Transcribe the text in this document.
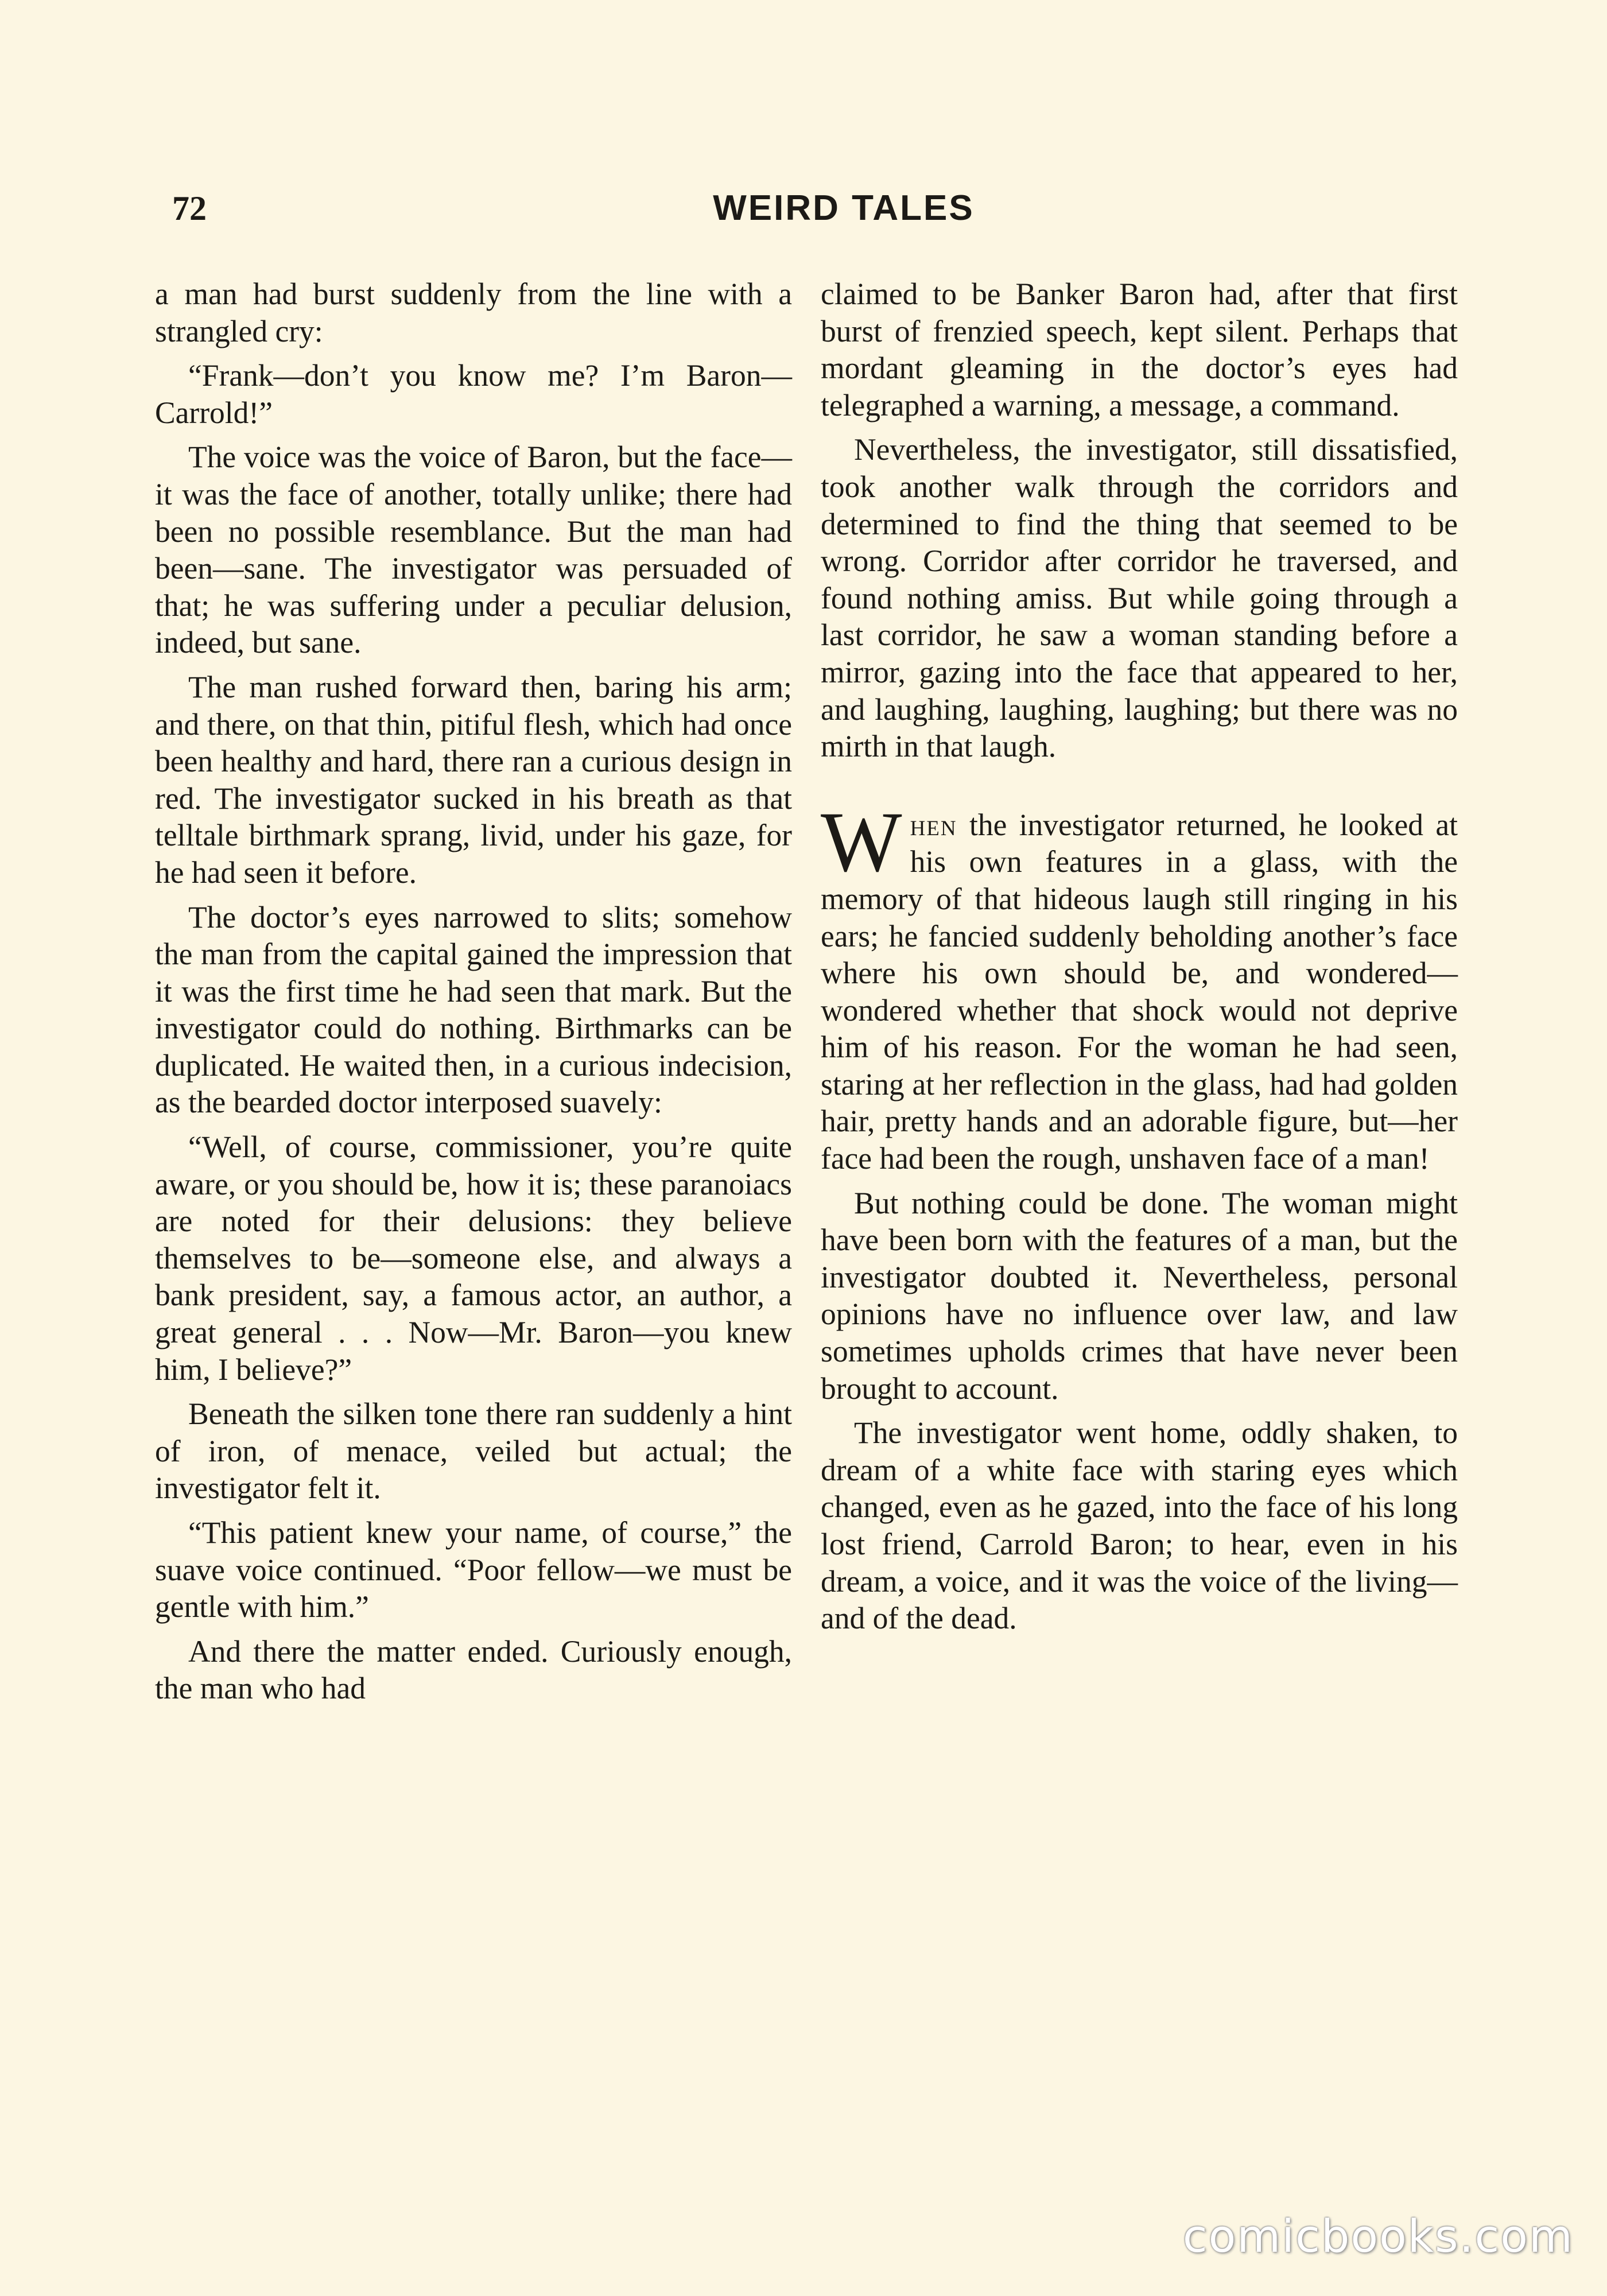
72	WEIRD TALES

a man had burst suddenly from the line with a strangled cry:

“Frank—don’t you know me? I’m Baron—Carrold!”

The voice was the voice of Baron, but the face—it was the face of another, totally unlike; there had been no possible resemblance. But the man had been—sane. The investigator was persuaded of that; he was suffering under a peculiar delusion, indeed, but sane.

The man rushed forward then, baring his arm; and there, on that thin, pitiful flesh, which had once been healthy and hard, there ran a curious design in red. The investigator sucked in his breath as that telltale birthmark sprang, livid, under his gaze, for he had seen it before.

The doctor’s eyes narrowed to slits; somehow the man from the capital gained the impression that it was the first time he had seen that mark. But the investigator could do nothing. Birthmarks can be duplicated. He waited then, in a curious indecision, as the bearded doctor interposed suavely:

“Well, of course, commissioner, you’re quite aware, or you should be, how it is; these paranoiacs are noted for their delusions: they believe themselves to be—someone else, and always a bank president, say, a famous actor, an author, a great general . . . Now—Mr. Baron—you knew him, I believe?”

Beneath the silken tone there ran suddenly a hint of iron, of menace, veiled but actual; the investigator felt it.

“This patient knew your name, of course,” the suave voice continued. “Poor fellow—we must be gentle with him.”

And there the matter ended. Curiously enough, the man who had

claimed to be Banker Baron had, after that first burst of frenzied speech, kept silent. Perhaps that mordant gleaming in the doctor’s eyes had telegraphed a warning, a message, a command.

Nevertheless, the investigator, still dissatisfied, took another walk through the corridors and determined to find the thing that seemed to be wrong. Corridor after corridor he traversed, and found nothing amiss. But while going through a last corridor, he saw a woman standing before a mirror, gazing into the face that appeared to her, and laughing, laughing, laughing; but there was no mirth in that laugh.

When the investigator returned, he looked at his own features in a glass, with the memory of that hideous laugh still ringing in his ears; he fancied suddenly beholding another’s face where his own should be, and wondered—wondered whether that shock would not deprive him of his reason. For the woman he had seen, staring at her reflection in the glass, had had golden hair, pretty hands and an adorable figure, but—her face had been the rough, unshaven face of a man!

But nothing could be done. The woman might have been born with the features of a man, but the investigator doubted it. Nevertheless, personal opinions have no influence over law, and law sometimes upholds crimes that have never been brought to account.

The investigator went home, oddly shaken, to dream of a white face with staring eyes which changed, even as he gazed, into the face of his long lost friend, Carrold Baron; to hear, even in his dream, a voice, and it was the voice of the living—and of the dead.

comicbooks.com
